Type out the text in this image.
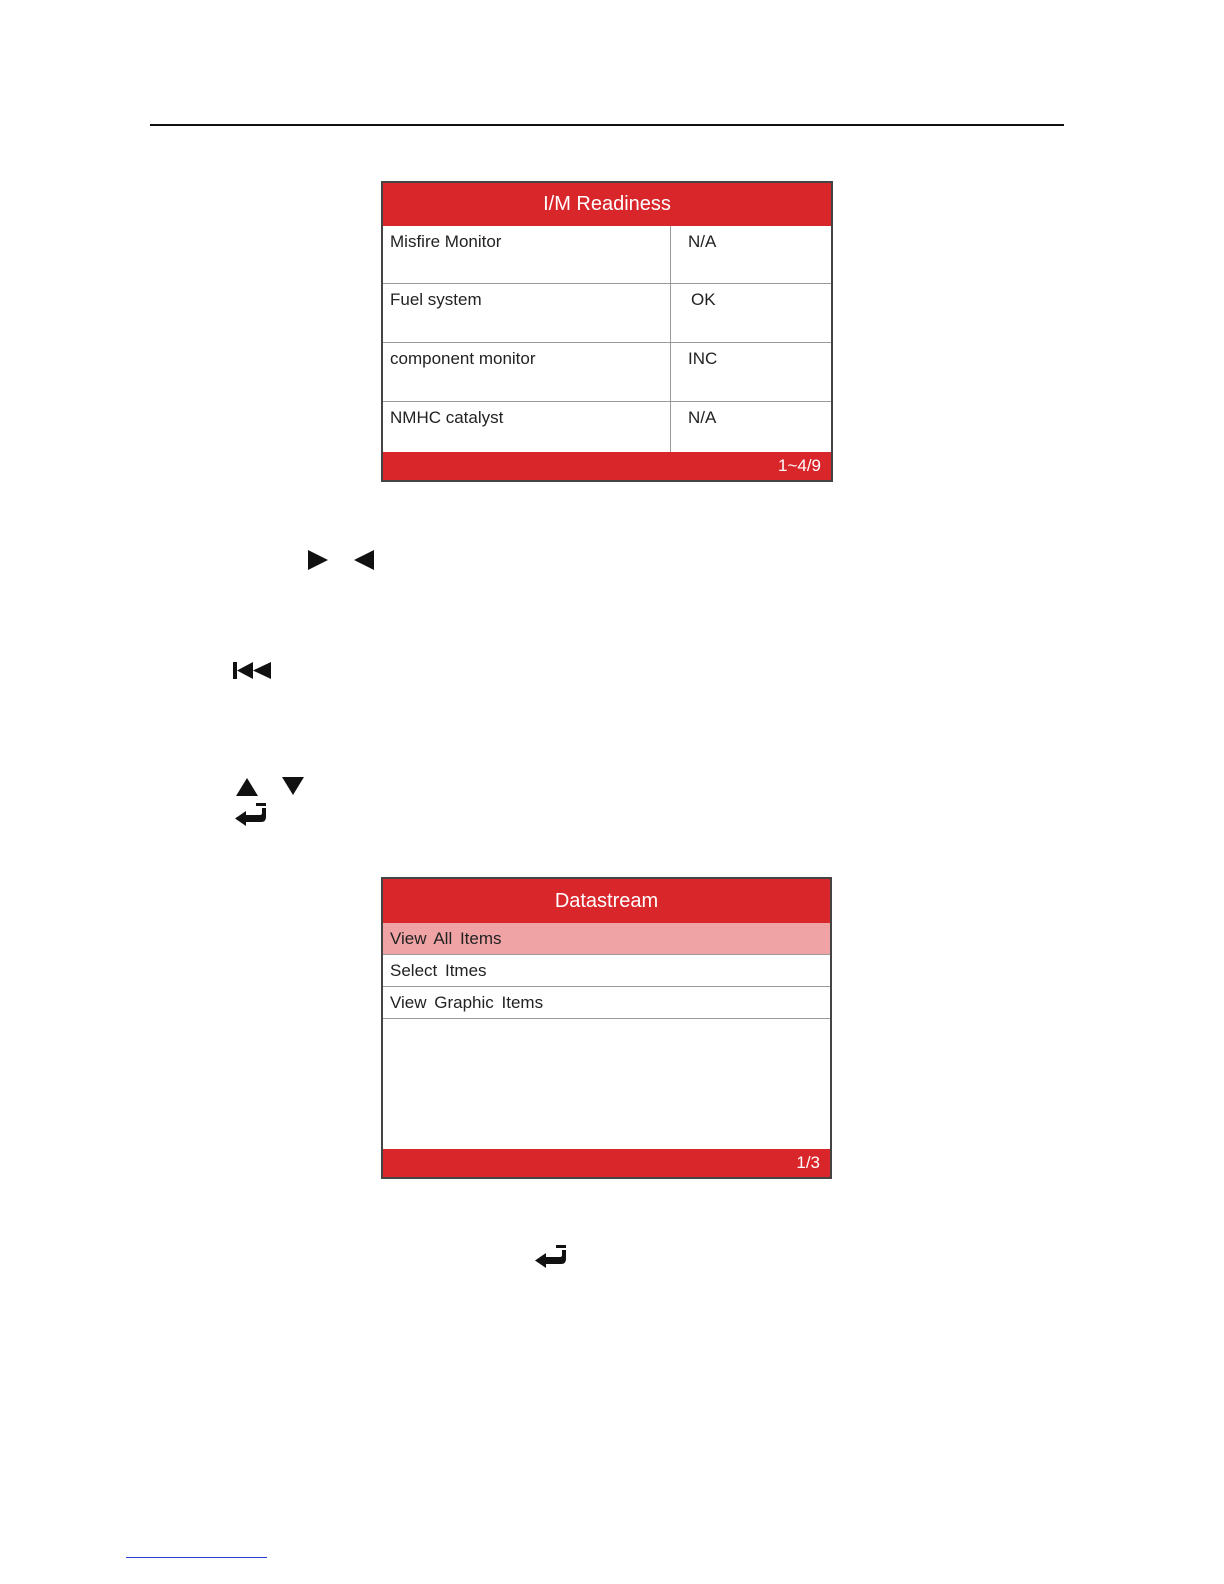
I/M Readiness
Misfire Monitor	N/A
Fuel system	OK
component monitor	INC
NMHC catalyst	N/A
1~4/9
Datastream
View All Items
Select Itmes
View Graphic Items
1/3
